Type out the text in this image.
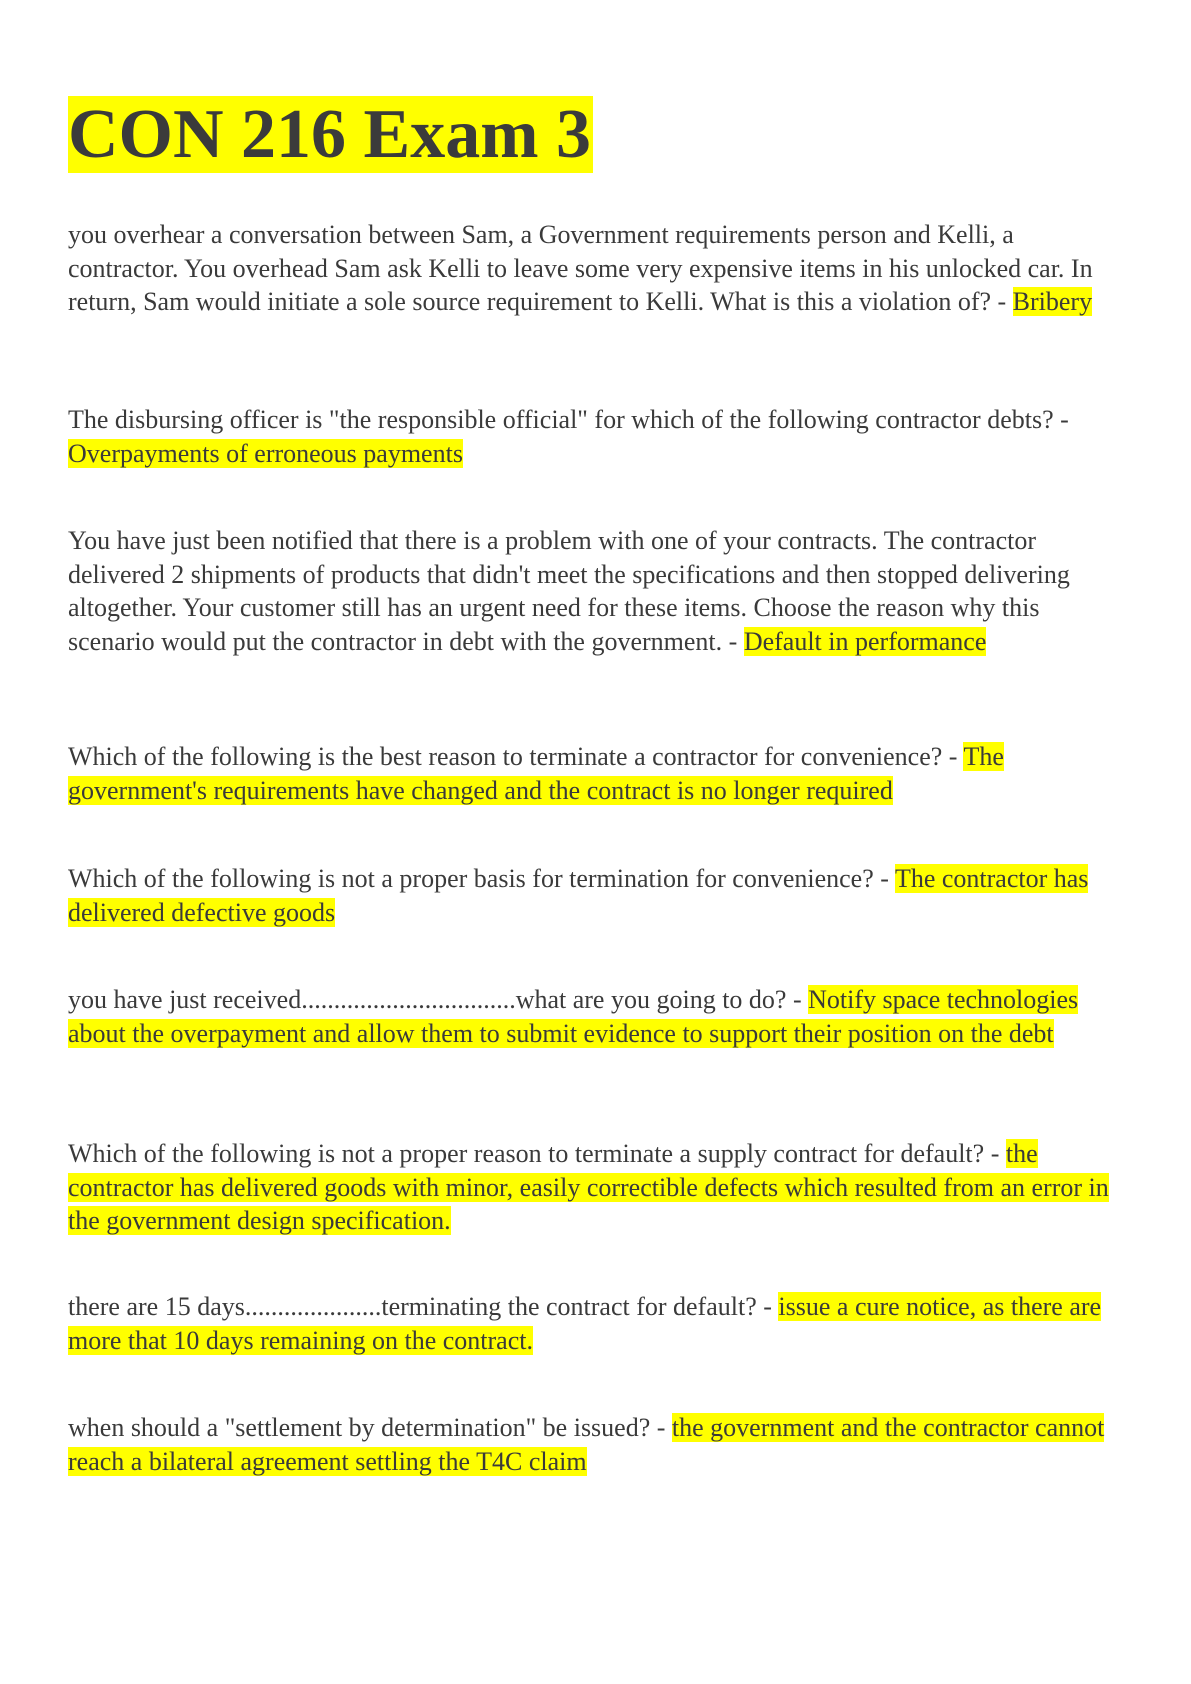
CON 216 Exam 3

you overhear a conversation between Sam, a Government requirements person and Kelli, a contractor. You overhead Sam ask Kelli to leave some very expensive items in his unlocked car. In return, Sam would initiate a sole source requirement to Kelli. What is this a violation of? - Bribery

The disbursing officer is "the responsible official" for which of the following contractor debts? - Overpayments of erroneous payments

You have just been notified that there is a problem with one of your contracts. The contractor delivered 2 shipments of products that didn't meet the specifications and then stopped delivering altogether. Your customer still has an urgent need for these items. Choose the reason why this scenario would put the contractor in debt with the government. - Default in performance

Which of the following is the best reason to terminate a contractor for convenience? - The government's requirements have changed and the contract is no longer required

Which of the following is not a proper basis for termination for convenience? - The contractor has delivered defective goods

you have just received.................................what are you going to do? - Notify space technologies about the overpayment and allow them to submit evidence to support their position on the debt

Which of the following is not a proper reason to terminate a supply contract for default? - the contractor has delivered goods with minor, easily correctible defects which resulted from an error in the government design specification.

there are 15 days.....................terminating the contract for default? - issue a cure notice, as there are more that 10 days remaining on the contract.

when should a "settlement by determination" be issued? - the government and the contractor cannot reach a bilateral agreement settling the T4C claim
